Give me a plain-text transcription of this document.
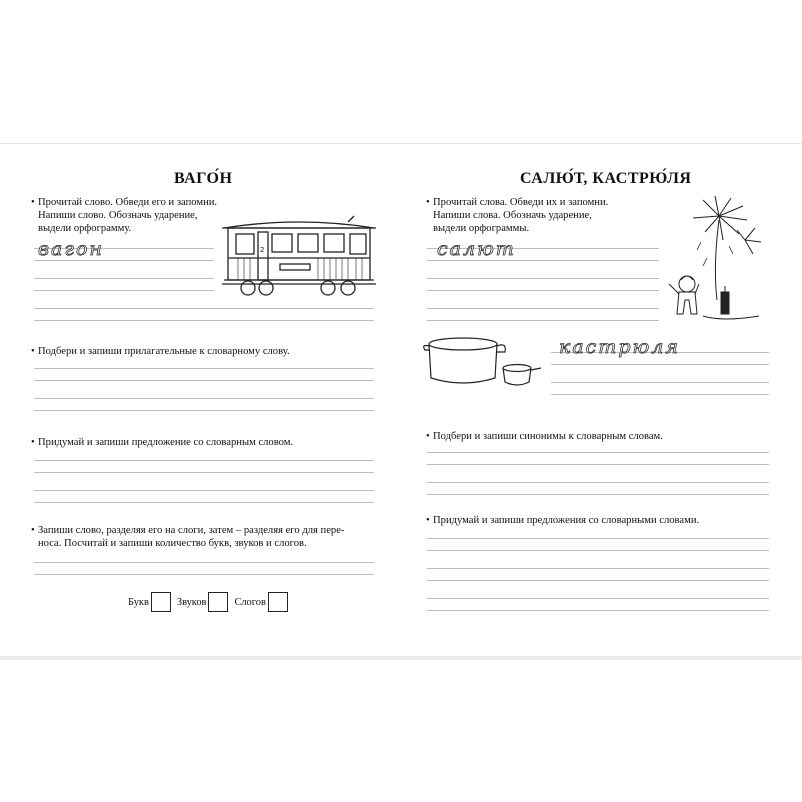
ВАГО́Н
• Прочитай слово. Обведи его и запомни.
Напиши слово. Обозначь ударение,
выдели орфограмму.
вагон	2
• Подбери и запиши прилагательные к словарному слову.
• Придумай и запиши предложение со словарным словом.
• Запиши слово, разделяя его на слоги, затем – разделяя его для пере-
носа. Посчитай и запиши количество букв, звуков и слогов.
Букв	Звуков	Слогов
САЛЮ́Т, КАСТРЮ́ЛЯ
• Прочитай слова. Обведи их и запомни.
Напиши слова. Обозначь ударение,
выдели орфограммы.
салют
кастрюля
• Подбери и запиши синонимы к словарным словам.
• Придумай и запиши предложения со словарными словами.
